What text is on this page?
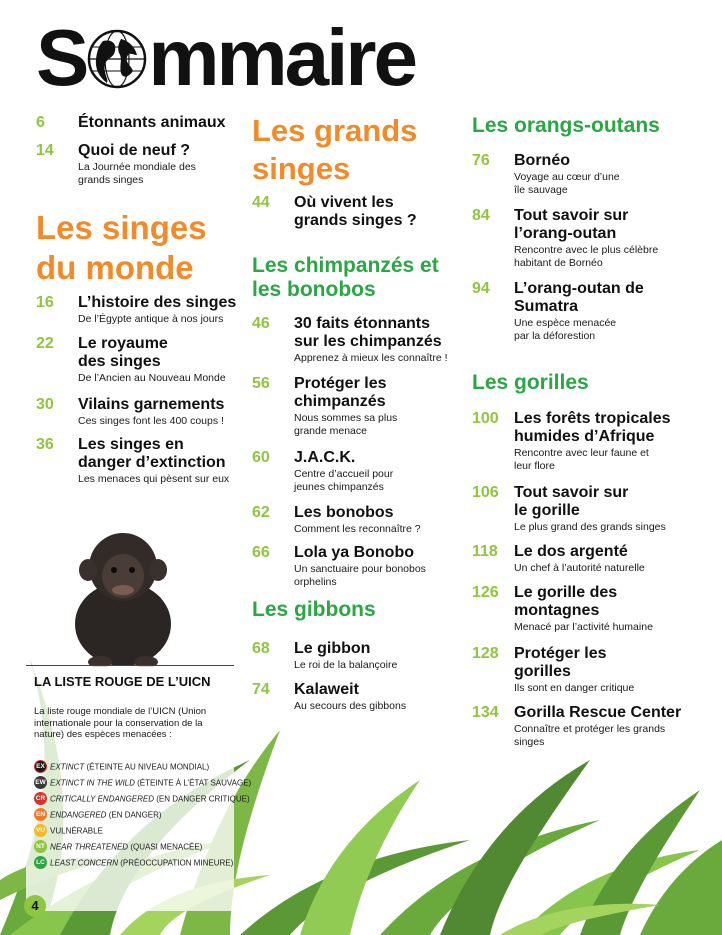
S mmaire
6 Étonnants animaux
14 Quoi de neuf ?
La Journée mondiale des grands singes
Les singes du monde
16 L’histoire des singes
De l’Égypte antique à nos jours
22 Le royaume des singes
De l’Ancien au Nouveau Monde
30 Vilains garnements
Ces singes font les 400 coups !
36 Les singes en danger d’extinction
Les menaces qui pèsent sur eux
Les grands singes
44 Où vivent les grands singes ?
Les chimpanzés et les bonobos
46 30 faits étonnants sur les chimpanzés
Apprenez à mieux les connaître !
56 Protéger les chimpanzés
Nous sommes sa plus grande menace
60 J.A.C.K.
Centre d’accueil pour jeunes chimpanzés
62 Les bonobos
Comment les reconnaître ?
66 Lola ya Bonobo
Un sanctuaire pour bonobos orphelins
Les gibbons
68 Le gibbon
Le roi de la balançoire
74 Kalaweit
Au secours des gibbons
Les orangs-outans
76 Bornéo
Voyage au cœur d’une île sauvage
84 Tout savoir sur l’orang-outan
Rencontre avec le plus célèbre habitant de Bornéo
94 L’orang-outan de Sumatra
Une espèce menacée par la déforestion
Les gorilles
100 Les forêts tropicales humides d’Afrique
Rencontre avec leur faune et leur flore
106 Tout savoir sur le gorille
Le plus grand des grands singes
118 Le dos argenté
Un chef à l’autorité naturelle
126 Le gorille des montagnes
Menacé par l’activité humaine
128 Protéger les gorilles
Ils sont en danger critique
134 Gorilla Rescue Center
Connaître et protéger les grands singes
LA LISTE ROUGE DE L’UICN
La liste rouge mondiale de l’UICN (Union internationale pour la conservation de la nature) des espèces menacées :
EX EXTINCT (ÉTEINTE AU NIVEAU MONDIAL)
EW EXTINCT IN THE WILD (ÉTEINTE À L’ÉTAT SAUVAGE)
CR CRITICALLY ENDANGERED (EN DANGER CRITIQUE)
EN ENDANGERED (EN DANGER)
VU VULNÉRABLE
NT NEAR THREATENED (QUASI MENACÉE)
LC LEAST CONCERN (PRÉOCCUPATION MINEURE)
4
